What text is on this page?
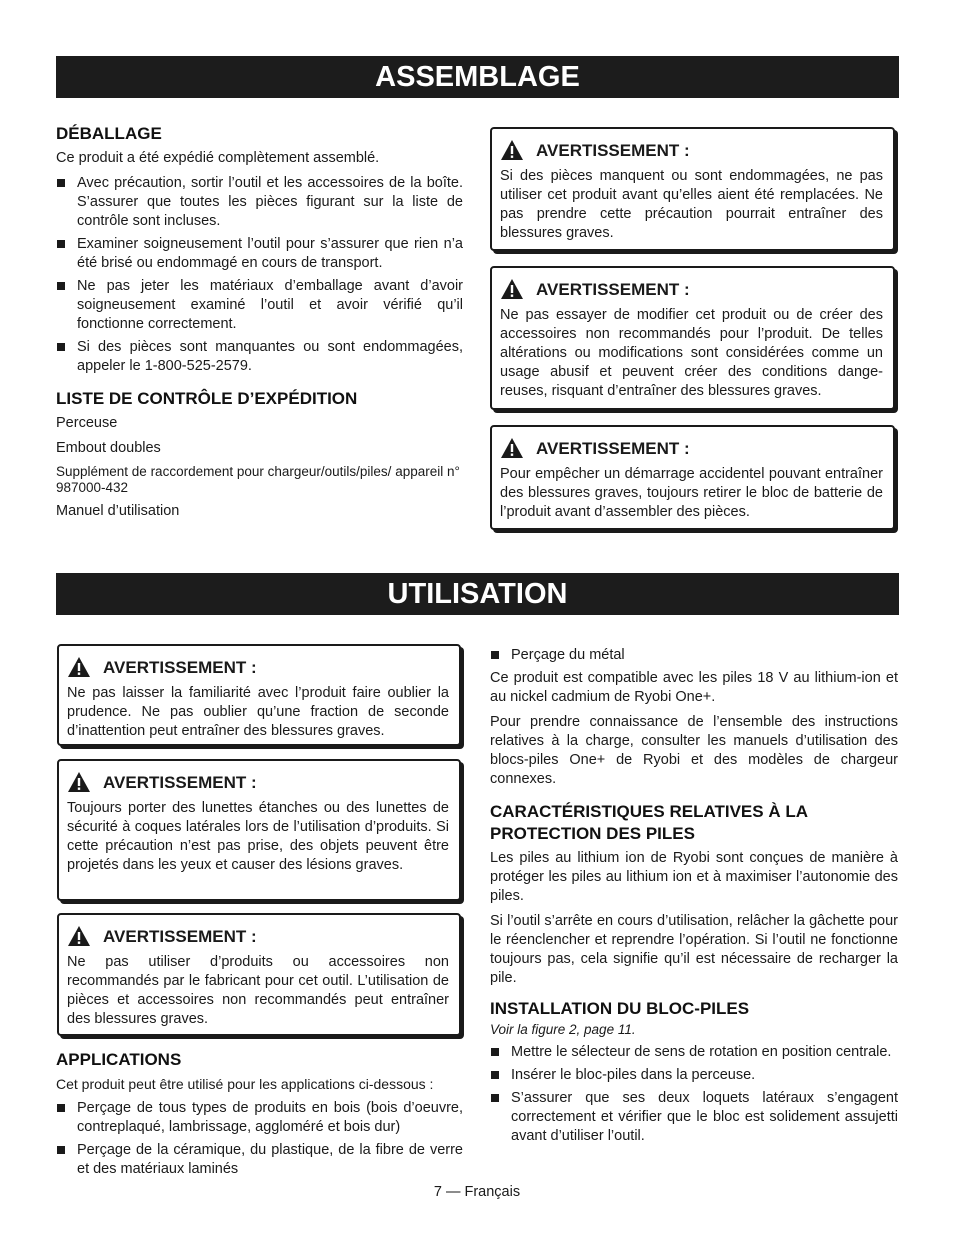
ASSEMBLAGE
DÉBALLAGE

Ce produit a été expédié complètement assemblé.

Avec précaution, sortir l’outil et les accessoires de la boîte. S’assurer que toutes les pièces figurant sur la liste de contrôle sont incluses.
Examiner soigneusement l’outil pour s’assurer que rien n’a été brisé ou endommagé en cours de transport.
Ne pas jeter les matériaux d’emballage avant d’avoir soigneusement examiné l’outil et avoir vérifié qu’il fonctionne correctement.
Si des pièces sont manquantes ou sont endommagées, appeler le 1-800-525-2579.
LISTE DE CONTRÔLE D’EXPÉDITION

Perceuse

Embout doubles

Supplément de raccordement pour chargeur/outils/piles/ appareil n° 987000-432

Manuel d’utilisation

AVERTISSEMENT :

Si des pièces manquent ou sont endommagées, ne pas utiliser cet produit avant qu’elles aient été remplacées. Ne pas prendre cette précaution pourrait entraîner des blessures graves.

AVERTISSEMENT :

Ne pas essayer de modifier cet produit ou de créer des accessoires non recommandés pour l’produit. De telles altérations ou modifications sont considérées comme un usage abusif et peuvent créer des conditions dange-reuses, risquant d’entraîner des blessures graves.

AVERTISSEMENT :

Pour empêcher un démarrage accidentel pouvant entraîner des blessures graves, toujours retirer le bloc de batterie de l’produit avant d’assembler des pièces.

UTILISATION
AVERTISSEMENT :

Ne pas laisser la familiarité avec l’produit faire oublier la prudence. Ne pas oublier qu’une fraction de seconde d’inattention peut entraîner des blessures graves.

AVERTISSEMENT :

Toujours porter des lunettes étanches ou des lunettes de sécurité à coques latérales lors de l’utilisation d’produits. Si cette précaution n’est pas prise, des objets peuvent être projetés dans les yeux et causer des lésions graves.

AVERTISSEMENT :

Ne pas utiliser d’produits ou accessoires non recommandés par le fabricant pour cet outil. L’utilisation de pièces et accessoires non recommandés peut entraîner des blessures graves.

APPLICATIONS

Cet produit peut être utilisé pour les applications ci-dessous :

Perçage de tous types de produits en bois (bois d’oeuvre, contreplaqué, lambrissage, aggloméré et bois dur)
Perçage de la céramique, du plastique, de la fibre de verre et des matériaux laminés
Perçage du métal

Ce produit est compatible avec les piles 18 V au lithium-ion et au nickel cadmium de Ryobi One+.

Pour prendre connaissance de l’ensemble des instructions relatives à la charge, consulter les manuels d’utilisation des blocs-piles One+ de Ryobi et des modèles de chargeur connexes.

CARACTÉRISTIQUES RELATIVES À LA PROTECTION DES PILES

Les piles au lithium ion de Ryobi sont conçues de manière à protéger les piles au lithium ion et à maximiser l’autonomie des piles.

Si l’outil s’arrête en cours d’utilisation, relâcher la gâchette pour le réenclencher et reprendre l’opération. Si l’outil ne fonctionne toujours pas, cela signifie qu’il est nécessaire de recharger la pile.

INSTALLATION DU BLOC-PILES

Voir la figure 2, page 11.

Mettre le sélecteur de sens de rotation en position centrale.
Insérer le bloc-piles dans la perceuse.
S’assurer que ses deux loquets latéraux s’engagent correctement et vérifier que le bloc est solidement assujetti avant d’utiliser l’outil.
7 — Français
